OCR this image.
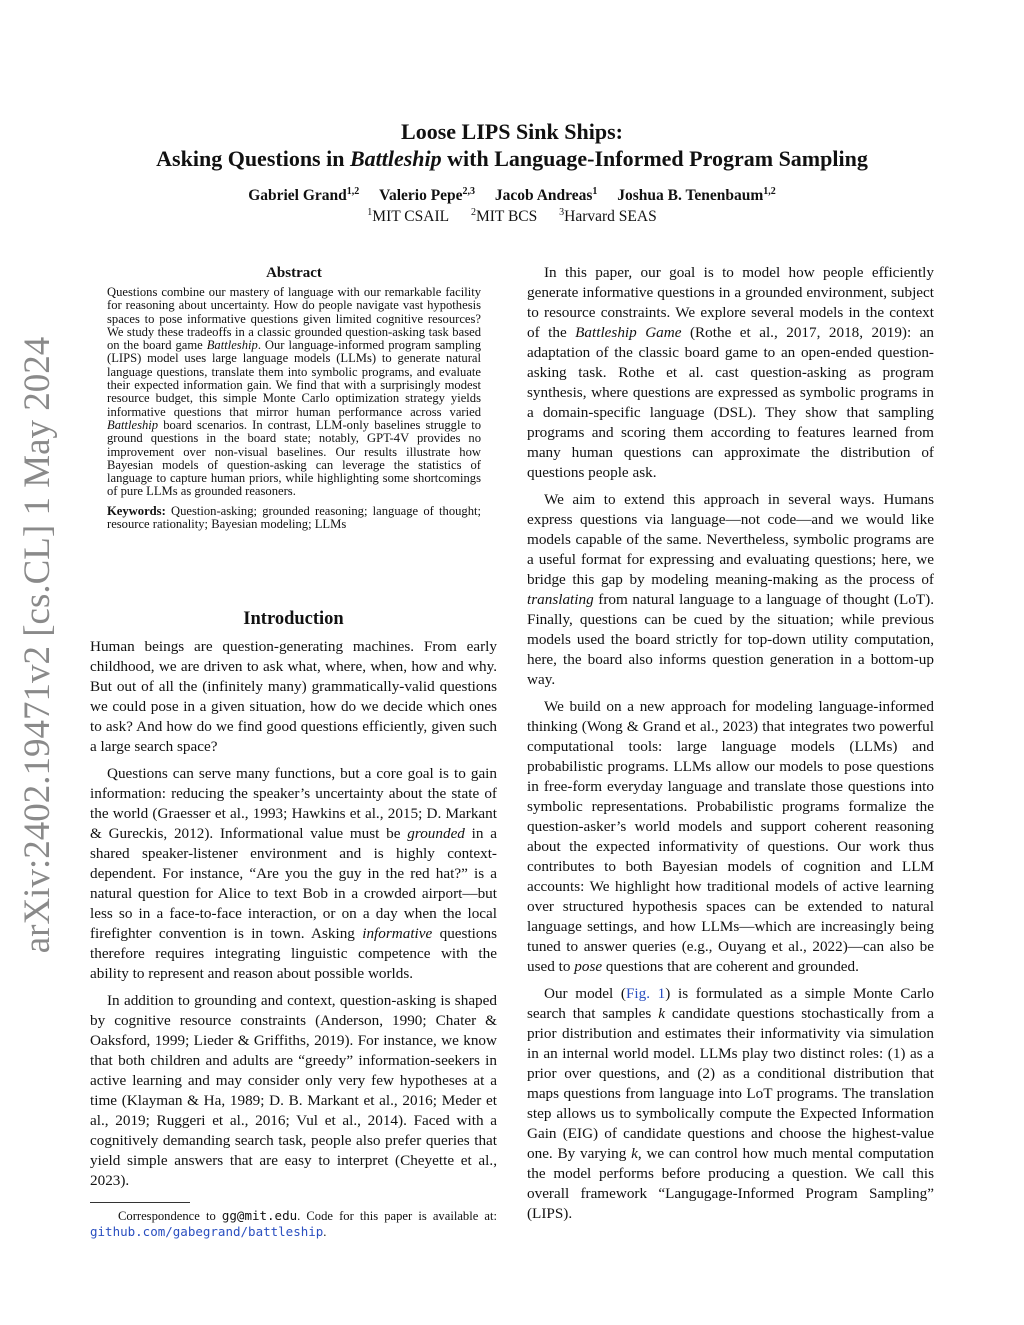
arXiv:2402.19471v2 [cs.CL] 1 May 2024
Loose LIPS Sink Ships:
Asking Questions in Battleship with Language-Informed Program Sampling
Gabriel Grand$^{1,2}$ Valerio Pepe$^{2,3}$ Jacob Andreas$^1$ Joshua B. Tenenbaum$^{1,2}$
$^1$MIT CSAIL $^2$MIT BCS $^3$Harvard SEAS
Abstract

Questions combine our mastery of language with our remarkable facility for reasoning about uncertainty. How do people navigate vast hypothesis spaces to pose informative questions given limited cognitive resources? We study these tradeoffs in a classic grounded question-asking task based on the board game Battleship. Our language-informed program sampling (LIPS) model uses large language models (LLMs) to generate natural language questions, translate them into symbolic programs, and evaluate their expected information gain. We find that with a surprisingly modest resource budget, this simple Monte Carlo optimization strategy yields informative questions that mirror human performance across varied Battleship board scenarios. In contrast, LLM-only baselines struggle to ground questions in the board state; notably, GPT-4V provides no improvement over non-visual baselines. Our results illustrate how Bayesian models of question-asking can leverage the statistics of language to capture human priors, while highlighting some shortcomings of pure LLMs as grounded reasoners.

Keywords: Question-asking; grounded reasoning; language of thought; resource rationality; Bayesian modeling; LLMs

Introduction

Human beings are question-generating machines. From early childhood, we are driven to ask what, where, when, how and why. But out of all the (infinitely many) grammatically-valid questions we could pose in a given situation, how do we decide which ones to ask? And how do we find good questions efficiently, given such a large search space?

Questions can serve many functions, but a core goal is to gain information: reducing the speaker’s uncertainty about the state of the world (Graesser et al., 1993; Hawkins et al., 2015; D. Markant & Gureckis, 2012). Informational value must be grounded in a shared speaker-listener environment and is highly context-dependent. For instance, “Are you the guy in the red hat?” is a natural question for Alice to text Bob in a crowded airport—but less so in a face-to-face interaction, or on a day when the local firefighter convention is in town. Asking informative questions therefore requires integrating linguistic competence with the ability to represent and reason about possible worlds.

In addition to grounding and context, question-asking is shaped by cognitive resource constraints (Anderson, 1990; Chater & Oaksford, 1999; Lieder & Griffiths, 2019). For instance, we know that both children and adults are “greedy” information-seekers in active learning and may consider only very few hypotheses at a time (Klayman & Ha, 1989; D. B. Markant et al., 2016; Meder et al., 2019; Ruggeri et al., 2016; Vul et al., 2014). Faced with a cognitively demanding search task, people also prefer queries that yield simple answers that are easy to interpret (Cheyette et al., 2023).

Correspondence to gg@mit.edu. Code for this paper is available at: github.com/gabegrand/battleship.

In this paper, our goal is to model how people efficiently generate informative questions in a grounded environment, subject to resource constraints. We explore several models in the context of the Battleship Game (Rothe et al., 2017, 2018, 2019): an adaptation of the classic board game to an open-ended question-asking task. Rothe et al. cast question-asking as program synthesis, where questions are expressed as symbolic programs in a domain-specific language (DSL). They show that sampling programs and scoring them according to features learned from many human questions can approximate the distribution of questions people ask.

We aim to extend this approach in several ways. Humans express questions via language—not code—and we would like models capable of the same. Nevertheless, symbolic programs are a useful format for expressing and evaluating questions; here, we bridge this gap by modeling meaning-making as the process of translating from natural language to a language of thought (LoT). Finally, questions can be cued by the situation; while previous models used the board strictly for top-down utility computation, here, the board also informs question generation in a bottom-up way.

We build on a new approach for modeling language-informed thinking (Wong & Grand et al., 2023) that integrates two powerful computational tools: large language models (LLMs) and probabilistic programs. LLMs allow our models to pose questions in free-form everyday language and translate those questions into symbolic representations. Probabilistic programs formalize the question-asker’s world models and support coherent reasoning about the expected informativity of questions. Our work thus contributes to both Bayesian models of cognition and LLM accounts: We highlight how traditional models of active learning over structured hypothesis spaces can be extended to natural language settings, and how LLMs—which are increasingly being tuned to answer queries (e.g., Ouyang et al., 2022)—can also be used to pose questions that are coherent and grounded.

Our model (Fig. 1) is formulated as a simple Monte Carlo search that samples k candidate questions stochastically from a prior distribution and estimates their informativity via simulation in an internal world model. LLMs play two distinct roles: (1) as a prior over questions, and (2) as a conditional distribution that maps questions from language into LoT programs. The translation step allows us to symbolically compute the Expected Information Gain (EIG) of candidate questions and choose the highest-value one. By varying k, we can control how much mental computation the model performs before producing a question. We call this overall framework “Langugage-Informed Program Sampling” (LIPS).
